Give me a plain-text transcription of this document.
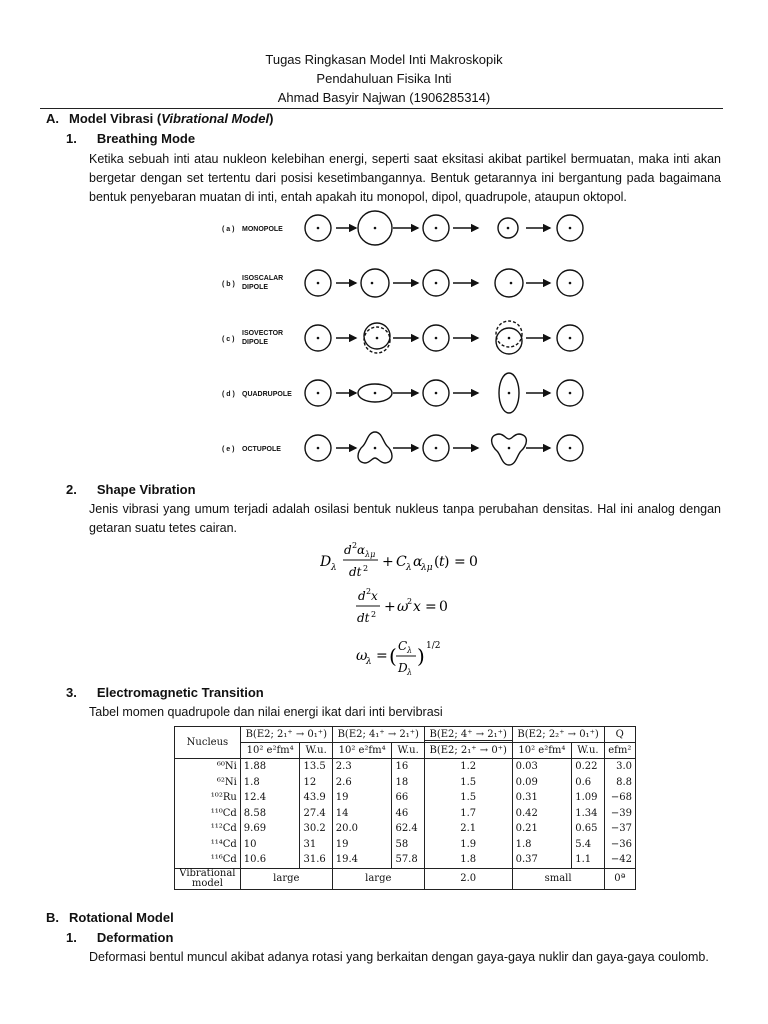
Tugas Ringkasan Model Inti Makroskopik
Pendahuluan Fisika Inti
Ahmad Basyir Najwan (1906285314)
A. Model Vibrasi (Vibrational Model)
1. Breathing Mode
Ketika sebuah inti atau nukleon kelebihan energi, seperti saat eksitasi akibat partikel bermuatan, maka inti akan bergetar dengan set tertentu dari posisi kesetimbangannya. Bentuk getarannya ini bergantung pada bagaimana bentuk penyebaran muatan di inti, entah apakah itu monopol, dipol, quadrupole, ataupun oktopol.
( a ) MONOPOLE
( b )
ISOSCALAR
DIPOLE
( c )
ISOVECTOR
DIPOLE
( d ) QUADRUPOLE
( e ) OCTUPOLE
2. Shape Vibration
Jenis vibrasi yang umum terjadi adalah osilasi bentuk nukleus tanpa perubahan densitas. Hal ini analog dengan getaran suatu tetes cairan.
D λ
d 2 α λμ
dt 2 + C λ α
λμ ( t ) = 0
d 2 x
dt 2 + ω
2 x = 0
ω
λ = ( C λ
D λ
) 1/2
3. Electromagnetic Transition
Tabel momen quadrupole dan nilai energi ikat dari inti bervibrasi
Nucleus	B(E2; 2₁⁺ → 0₁⁺)		B(E2; 4₁⁺ → 2₁⁺)		B(E2; 4⁺ → 2₁⁺)	B(E2; 2₂⁺ → 0₁⁺)		Q
	10² e²fm⁴	W.u.	10² e²fm⁴	W.u.	B(E2; 2₁⁺ → 0⁺)	10² e²fm⁴	W.u.	efm²
⁶⁰Ni	1.88	13.5	2.3	16	1.2	0.03	0.22	3.0
⁶²Ni	1.8	12	2.6	18	1.5	0.09	0.6	8.8
¹⁰²Ru	12.4	43.9	19	66	1.5	0.31	1.09	−68
¹¹⁰Cd	8.58	27.4	14	46	1.7	0.42	1.34	−39
¹¹²Cd	9.69	30.2	20.0	62.4	2.1	0.21	0.65	−37
¹¹⁴Cd	10	31	19	58	1.9	1.8	5.4	−36
¹¹⁶Cd	10.6	31.6	19.4	57.8	1.8	0.37	1.1	−42

Vibrational
model	large		large		2.0	small		0ª
B. Rotational Model
1. Deformation
Deformasi bentul muncul akibat adanya rotasi yang berkaitan dengan gaya-gaya nuklir dan gaya-gaya coulomb.
